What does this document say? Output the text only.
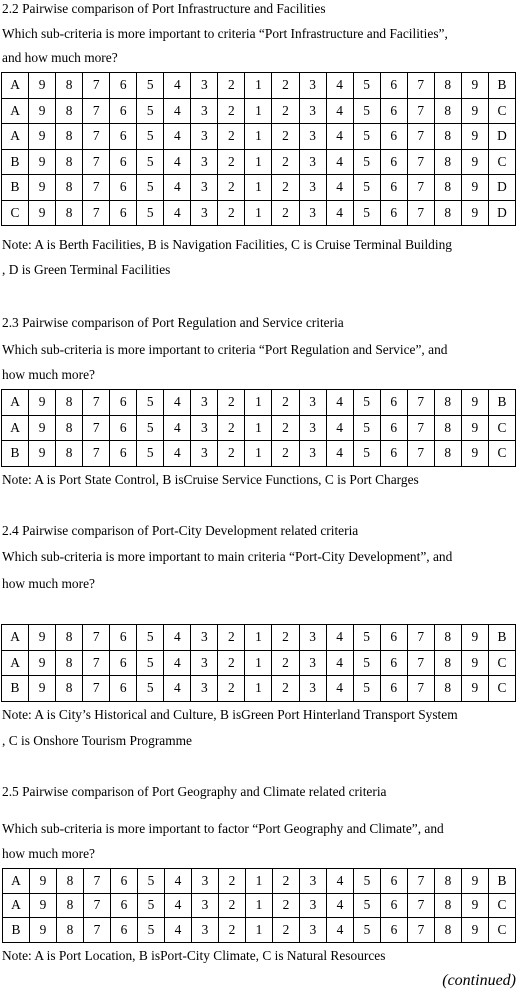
2.2 Pairwise comparison of Port Infrastructure and Facilities

Which sub-criteria is more important to criteria “Port Infrastructure and Facilities”,

and how much more?

A	9	8	7	6	5	4	3	2	1	2	3	4	5	6	7	8	9	B
A	9	8	7	6	5	4	3	2	1	2	3	4	5	6	7	8	9	C
A	9	8	7	6	5	4	3	2	1	2	3	4	5	6	7	8	9	D
B	9	8	7	6	5	4	3	2	1	2	3	4	5	6	7	8	9	C
B	9	8	7	6	5	4	3	2	1	2	3	4	5	6	7	8	9	D
C	9	8	7	6	5	4	3	2	1	2	3	4	5	6	7	8	9	D

Note: A is Berth Facilities, B is Navigation Facilities, C is Cruise Terminal Building

, D is Green Terminal Facilities

2.3 Pairwise comparison of Port Regulation and Service criteria

Which sub-criteria is more important to criteria “Port Regulation and Service”, and

how much more?

A	9	8	7	6	5	4	3	2	1	2	3	4	5	6	7	8	9	B
A	9	8	7	6	5	4	3	2	1	2	3	4	5	6	7	8	9	C
B	9	8	7	6	5	4	3	2	1	2	3	4	5	6	7	8	9	C

Note: A is Port State Control, B isCruise Service Functions, C is Port Charges

2.4 Pairwise comparison of Port-City Development related criteria

Which sub-criteria is more important to main criteria “Port-City Development”, and

how much more?

A	9	8	7	6	5	4	3	2	1	2	3	4	5	6	7	8	9	B
A	9	8	7	6	5	4	3	2	1	2	3	4	5	6	7	8	9	C
B	9	8	7	6	5	4	3	2	1	2	3	4	5	6	7	8	9	C

Note: A is City’s Historical and Culture, B isGreen Port Hinterland Transport System

, C is Onshore Tourism Programme

2.5 Pairwise comparison of Port Geography and Climate related criteria

Which sub-criteria is more important to factor “Port Geography and Climate”, and

how much more?

A	9	8	7	6	5	4	3	2	1	2	3	4	5	6	7	8	9	B
A	9	8	7	6	5	4	3	2	1	2	3	4	5	6	7	8	9	C
B	9	8	7	6	5	4	3	2	1	2	3	4	5	6	7	8	9	C

Note: A is Port Location, B isPort-City Climate, C is Natural Resources

(continued)
